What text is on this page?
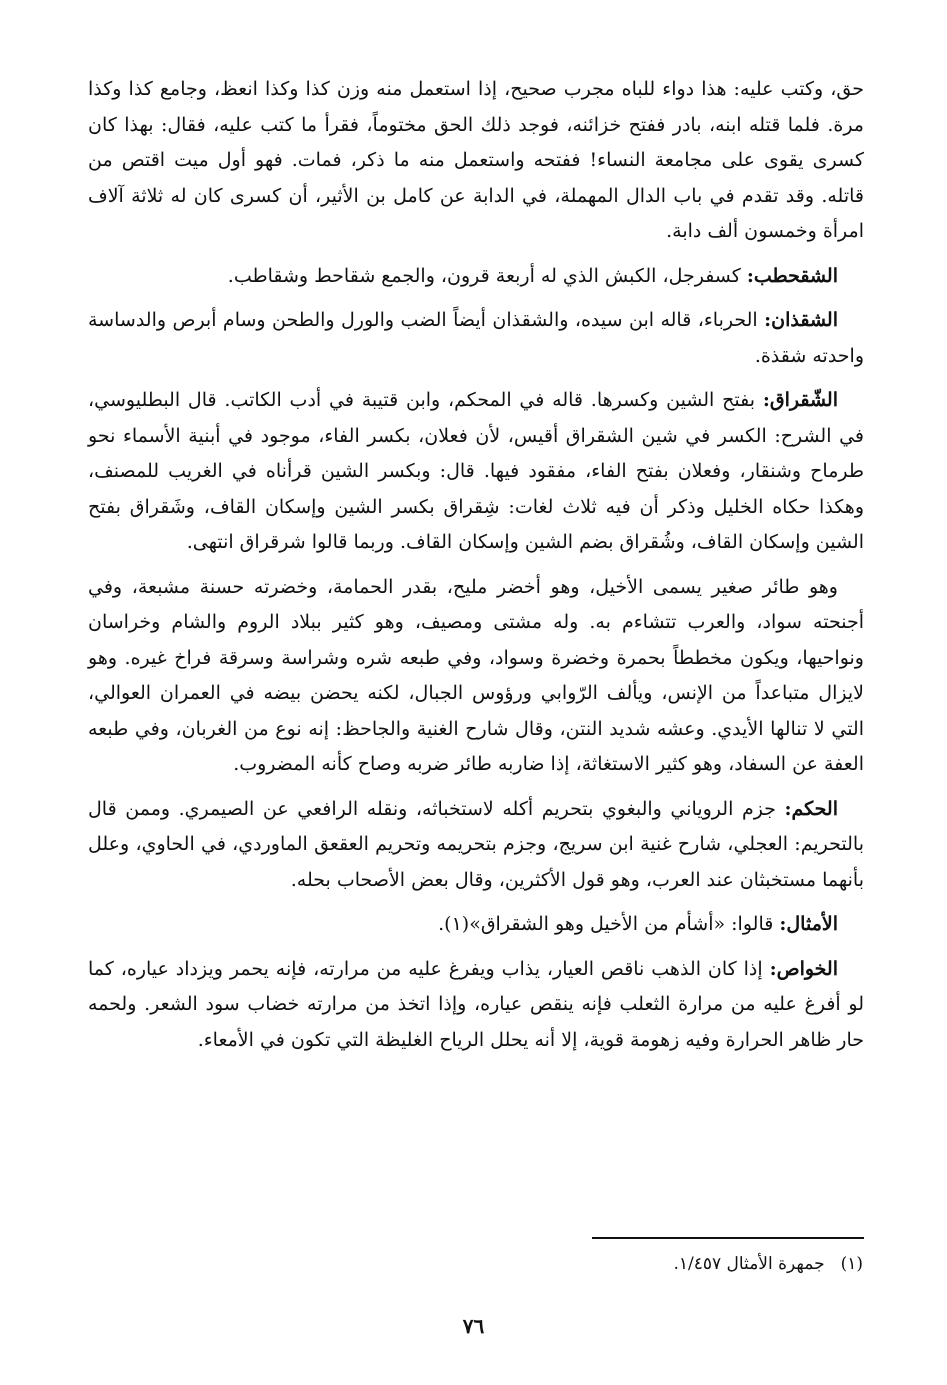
حق، وكتب عليه: هذا دواء للباه مجرب صحيح، إذا استعمل منه وزن كذا وكذا انعظ، وجامع كذا وكذا مرة. فلما قتله ابنه، بادر ففتح خزائنه، فوجد ذلك الحق مختوماً، فقرأ ما كتب عليه، فقال: بهذا كان كسرى يقوى على مجامعة النساء! ففتحه واستعمل منه ما ذكر، فمات. فهو أول ميت اقتص من قاتله. وقد تقدم في باب الدال المهملة، في الدابة عن كامل بن الأثير، أن كسرى كان له ثلاثة آلاف امرأة وخمسون ألف دابة.

الشقحطب: كسفرجل، الكبش الذي له أربعة قرون، والجمع شقاحط وشقاطب.

الشقذان: الحرباء، قاله ابن سيده، والشقذان أيضاً الضب والورل والطحن وسام أبرص والدساسة واحدته شقذة.

الشّقراق: بفتح الشين وكسرها. قاله في المحكم، وابن قتيبة في أدب الكاتب. قال البطليوسي، في الشرح: الكسر في شين الشقراق أقيس، لأن فعلان، بكسر الفاء، موجود في أبنية الأسماء نحو طرماح وشنقار، وفعلان بفتح الفاء، مفقود فيها. قال: وبكسر الشين قرأناه في الغريب للمصنف، وهكذا حكاه الخليل وذكر أن فيه ثلاث لغات: شِقراق بكسر الشين وإسكان القاف، وشَقراق بفتح الشين وإسكان القاف، وشُقراق بضم الشين وإسكان القاف. وربما قالوا شرقراق انتهى.

وهو طائر صغير يسمى الأخيل، وهو أخضر مليح، بقدر الحمامة، وخضرته حسنة مشبعة، وفي أجنحته سواد، والعرب تتشاءم به. وله مشتى ومصيف، وهو كثير ببلاد الروم والشام وخراسان ونواحيها، ويكون مخططاً بحمرة وخضرة وسواد، وفي طبعه شره وشراسة وسرقة فراخ غيره. وهو لايزال متباعداً من الإنس، ويألف الرّوابي ورؤوس الجبال، لكنه يحضن بيضه في العمران العوالي، التي لا تنالها الأيدي. وعشه شديد النتن، وقال شارح الغنية والجاحظ: إنه نوع من الغربان، وفي طبعه العفة عن السفاد، وهو كثير الاستغاثة، إذا ضاربه طائر ضربه وصاح كأنه المضروب.

الحكم: جزم الروياني والبغوي بتحريم أكله لاستخباثه، ونقله الرافعي عن الصيمري. وممن قال بالتحريم: العجلي، شارح غنية ابن سريج، وجزم بتحريمه وتحريم العقعق الماوردي، في الحاوي، وعلل بأنهما مستخبثان عند العرب، وهو قول الأكثرين، وقال بعض الأصحاب بحله.

الأمثال: قالوا: «أشأم من الأخيل وهو الشقراق»(١).

الخواص: إذا كان الذهب ناقص العيار، يذاب ويفرغ عليه من مرارته، فإنه يحمر ويزداد عياره، كما لو أفرغ عليه من مرارة الثعلب فإنه ينقص عياره، وإذا اتخذ من مرارته خضاب سود الشعر. ولحمه حار ظاهر الحرارة وفيه زهومة قوية، إلا أنه يحلل الرياح الغليظة التي تكون في الأمعاء.

(١)جمهرة الأمثال ١/٤٥٧.
٧٦
